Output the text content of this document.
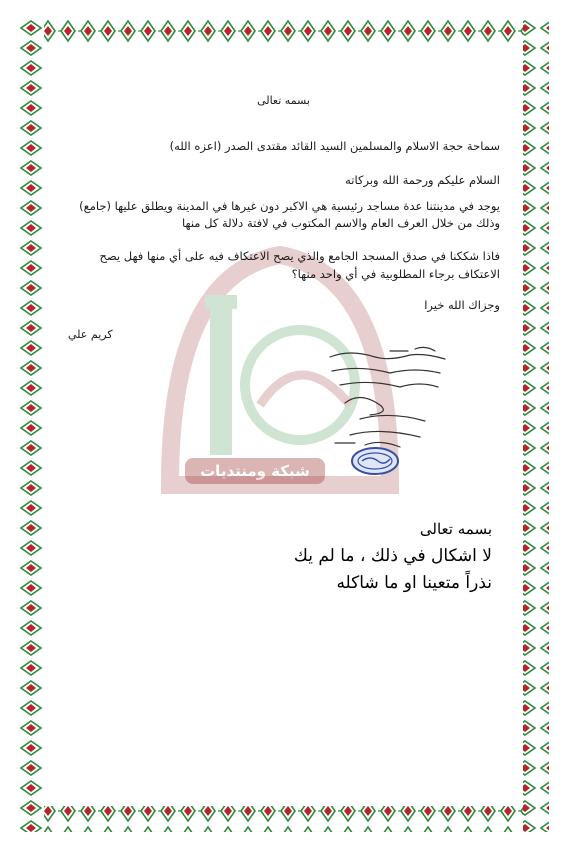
شبكة ومنتديات
بسمه تعالى
سماحة حجة الاسلام والمسلمين السيد القائد مقتدى الصدر (اعزه الله)
السلام عليكم ورحمة الله وبركاته
يوجد في مدينتنا عدة مساجد رئيسية هي الاكبر دون غيرها في المدينة ويطلق عليها (جامع) وذلك من خلال العرف العام والاسم المكتوب في لافتة دلالة كل منها
فاذا شككنا في صدق المسجد الجامع والذي يصح الاعتكاف فيه على أي منها فهل يصح الاعتكاف برجاء المطلوبية في أي واحد منها؟
وجزاك الله خيرا
كريم علي
بسمه تعالى
لا اشكال في ذلك ، ما لم يك
نذراً متعينا او ما شاكله
